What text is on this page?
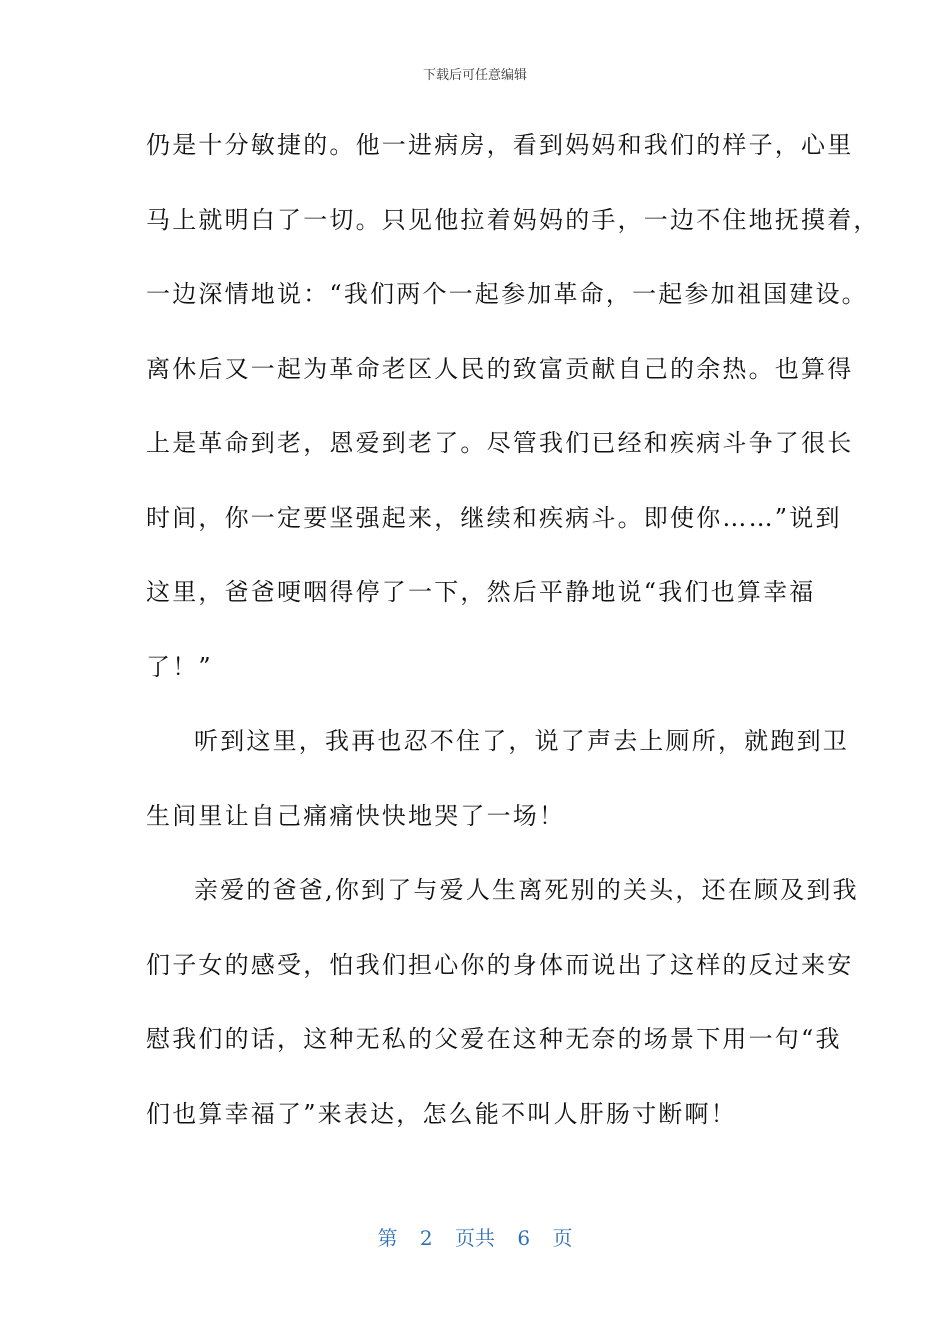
下载后可任意编辑
仍是十分敏捷的。他一进病房，看到妈妈和我们的样子，心里
马上就明白了一切。只见他拉着妈妈的手，一边不住地抚摸着，
一边深情地说：“我们两个一起参加革命，一起参加祖国建设。
离休后又一起为革命老区人民的致富贡献自己的余热。也算得
上是革命到老，恩爱到老了。尽管我们已经和疾病斗争了很长
时间，你一定要坚强起来，继续和疾病斗。即使你……”说到
这里，爸爸哽咽得停了一下，然后平静地说“我们也算幸福
了！”
听到这里，我再也忍不住了，说了声去上厕所，就跑到卫
生间里让自己痛痛快快地哭了一场！
亲爱的爸爸,你到了与爱人生离死别的关头，还在顾及到我
们子女的感受，怕我们担心你的身体而说出了这样的反过来安
慰我们的话，这种无私的父爱在这种无奈的场景下用一句“我
们也算幸福了”来表达，怎么能不叫人肝肠寸断啊！
第 2 页共 6 页
